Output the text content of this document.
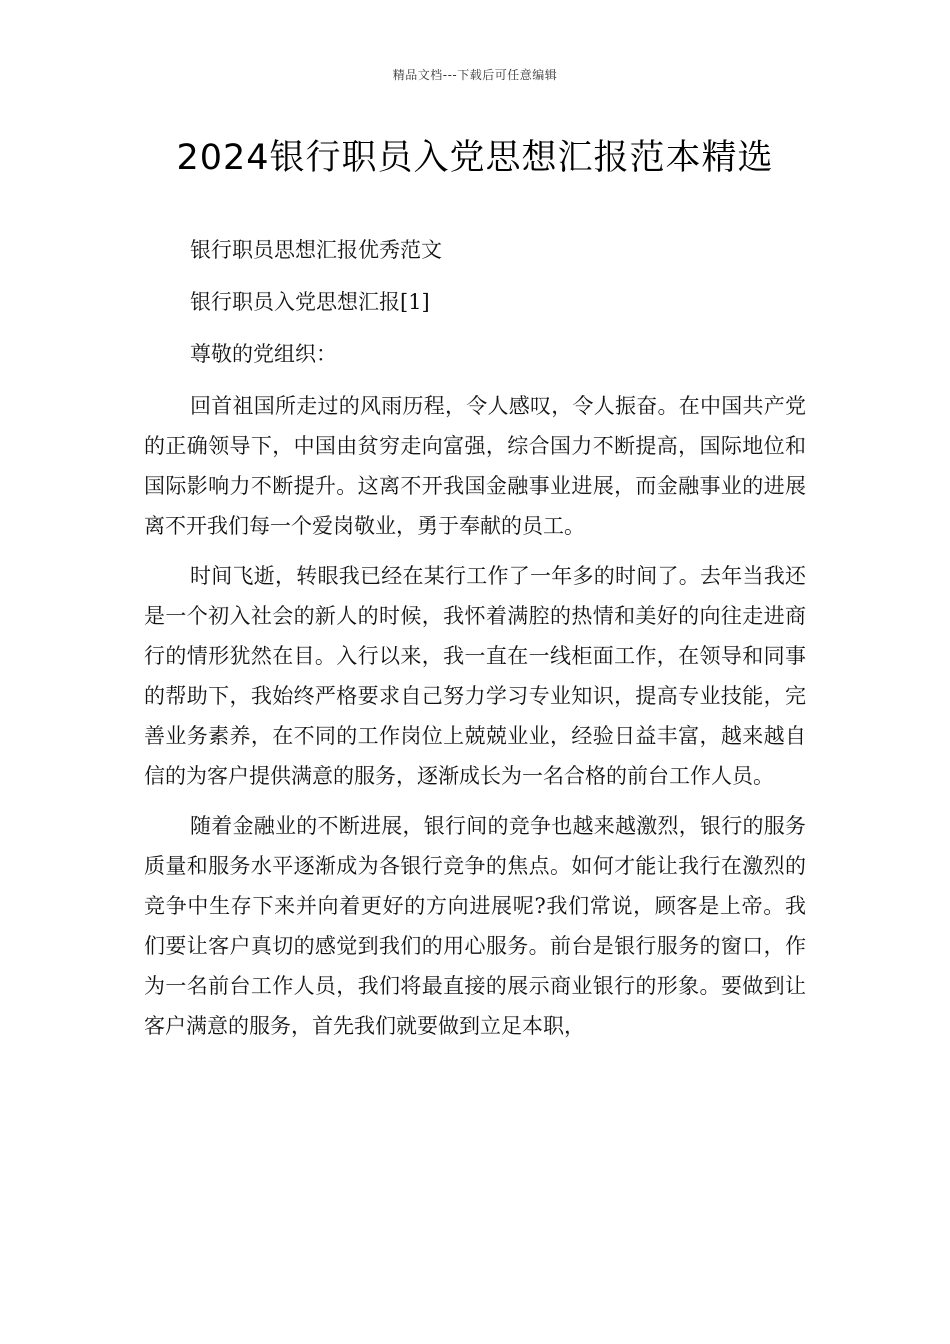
精品文档---下载后可任意编辑
2024银行职员入党思想汇报范本精选

银行职员思想汇报优秀范文

银行职员入党思想汇报[1]

尊敬的党组织：

回首祖国所走过的风雨历程，令人感叹，令人振奋。在中国共产党的正确领导下，中国由贫穷走向富强，综合国力不断提高，国际地位和国际影响力不断提升。这离不开我国金融事业进展，而金融事业的进展离不开我们每一个爱岗敬业，勇于奉献的员工。

时间飞逝，转眼我已经在某行工作了一年多的时间了。去年当我还是一个初入社会的新人的时候，我怀着满腔的热情和美好的向往走进商行的情形犹然在目。入行以来，我一直在一线柜面工作，在领导和同事的帮助下，我始终严格要求自己努力学习专业知识，提高专业技能，完善业务素养，在不同的工作岗位上兢兢业业，经验日益丰富，越来越自信的为客户提供满意的服务，逐渐成长为一名合格的前台工作人员。

随着金融业的不断进展，银行间的竞争也越来越激烈，银行的服务质量和服务水平逐渐成为各银行竞争的焦点。如何才能让我行在激烈的竞争中生存下来并向着更好的方向进展呢?我们常说，顾客是上帝。我们要让客户真切的感觉到我们的用心服务。前台是银行服务的窗口，作为一名前台工作人员，我们将最直接的展示商业银行的形象。要做到让客户满意的服务，首先我们就要做到立足本职，
